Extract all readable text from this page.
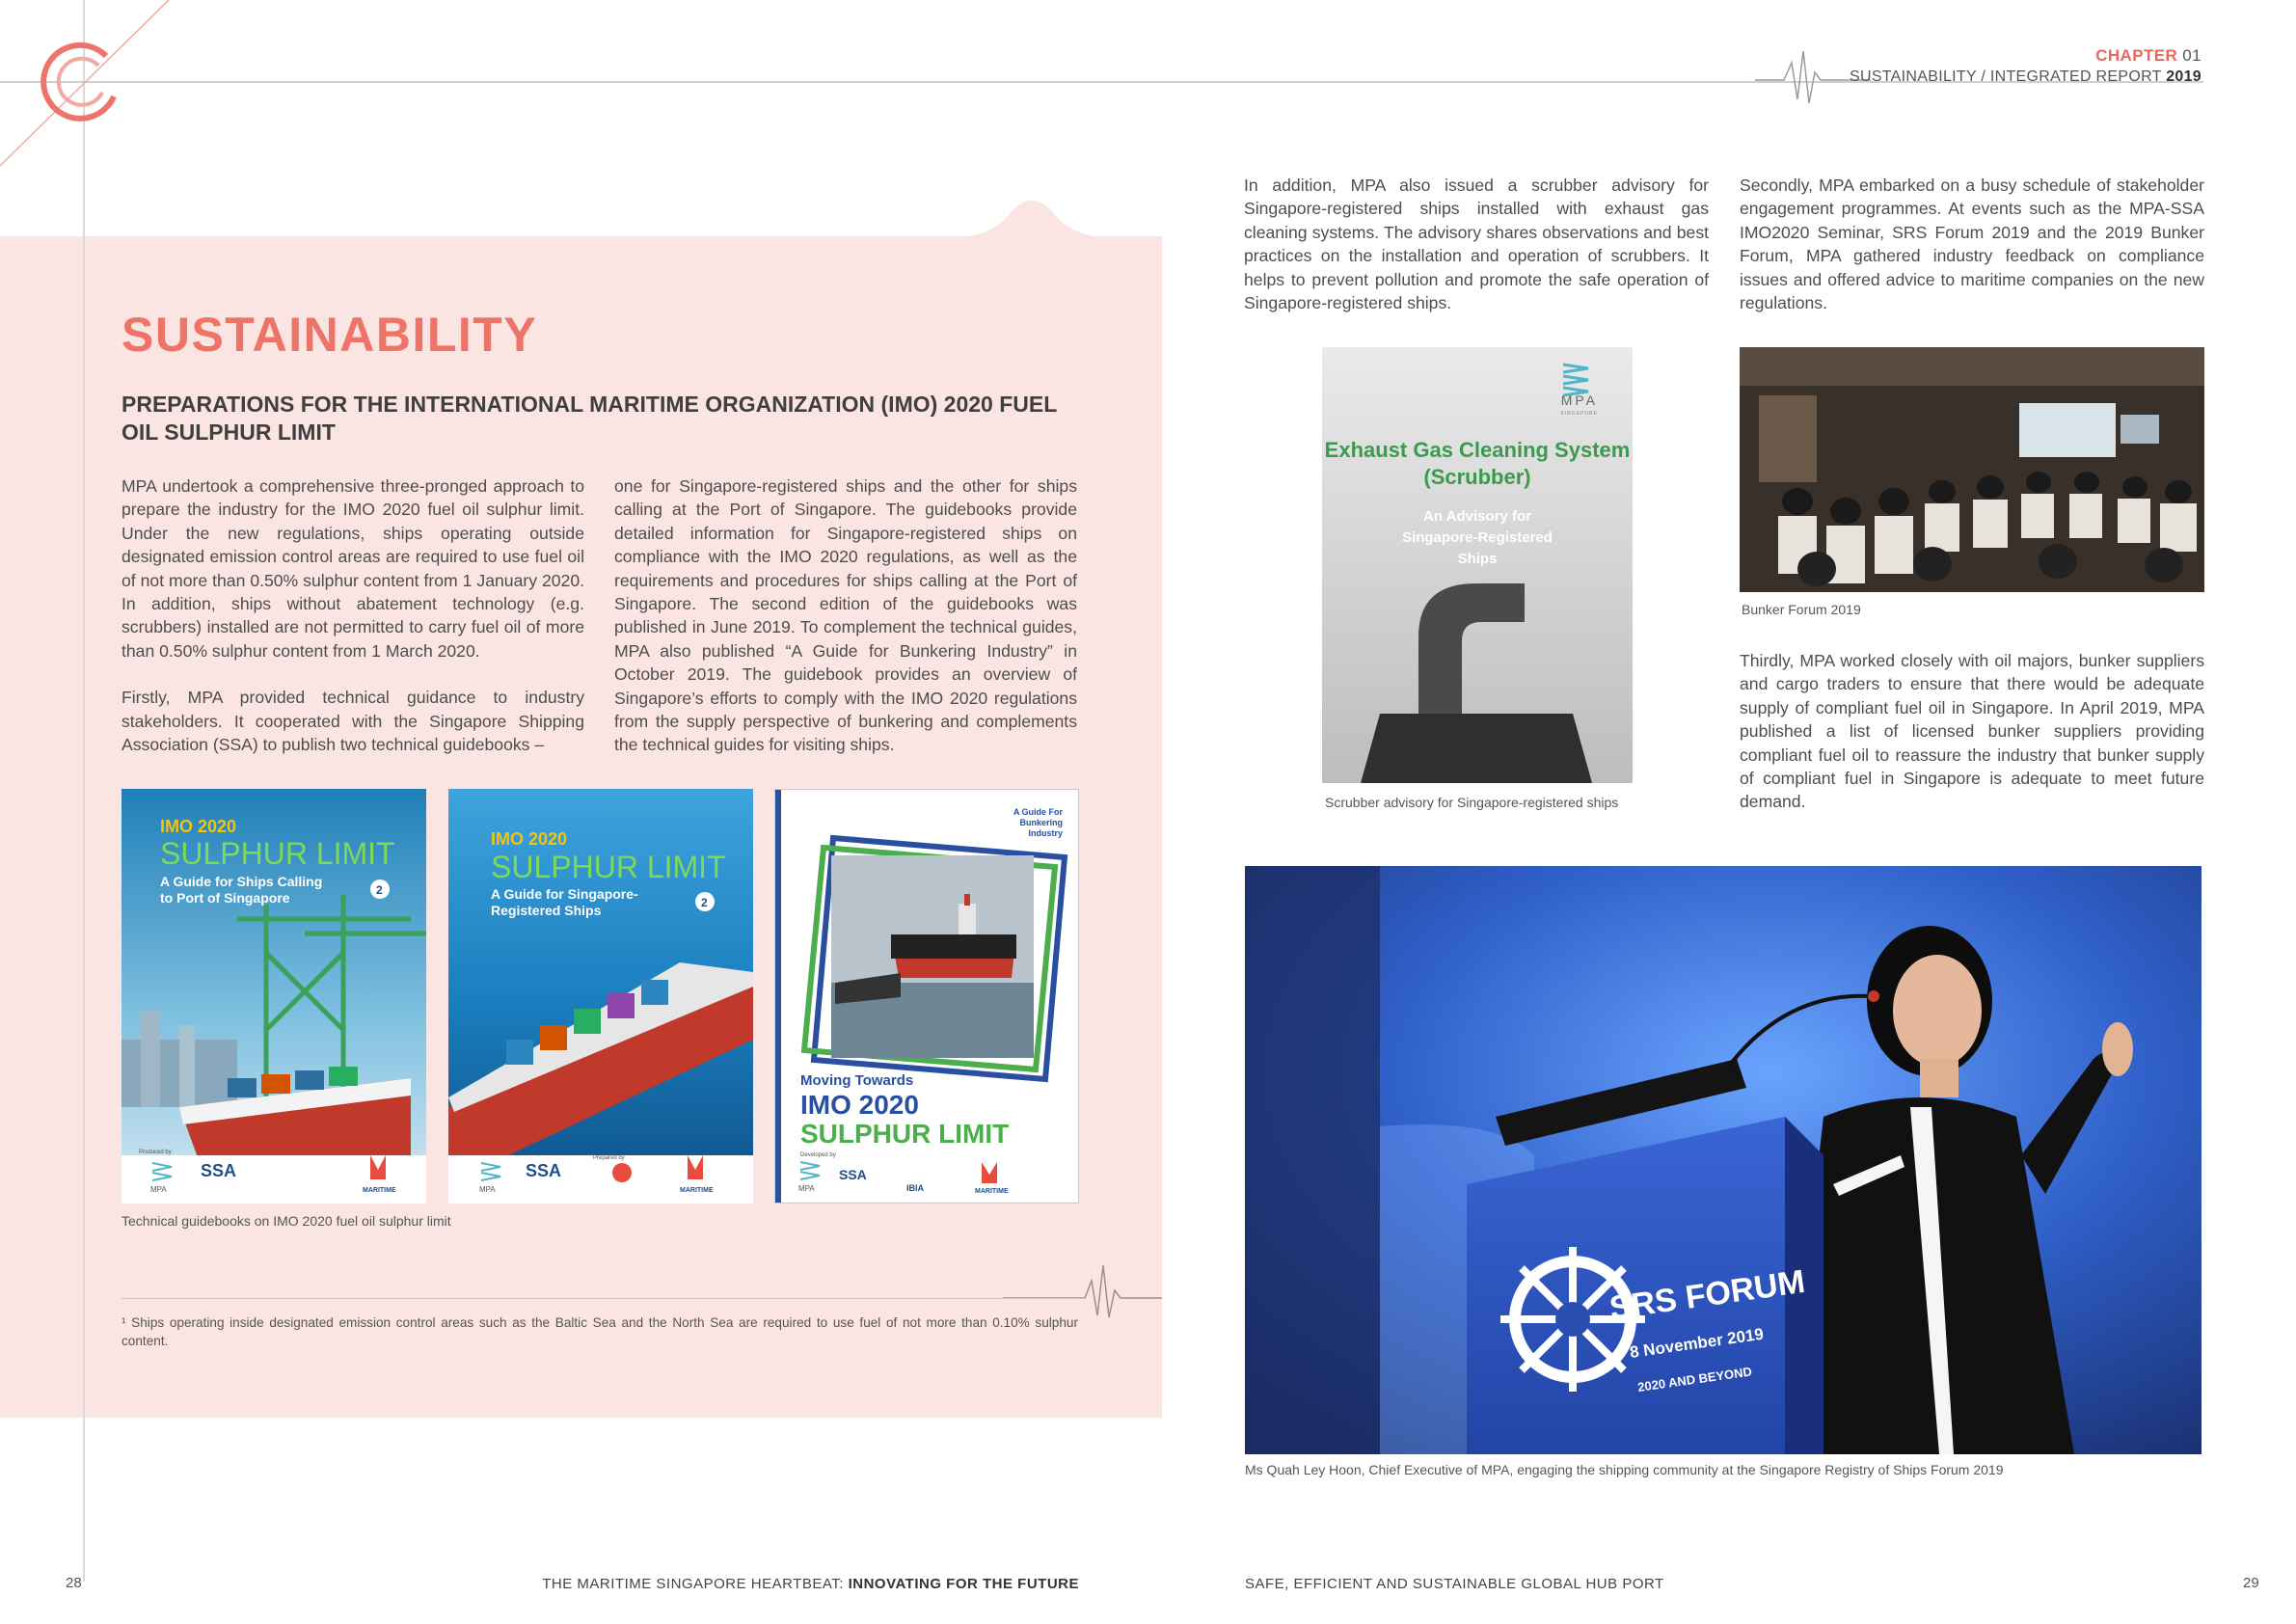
CHAPTER 01
SUSTAINABILITY / INTEGRATED REPORT 2019
SUSTAINABILITY
PREPARATIONS FOR THE INTERNATIONAL MARITIME ORGANIZATION (IMO) 2020 FUEL OIL SULPHUR LIMIT

MPA undertook a comprehensive three-pronged approach to prepare the industry for the IMO 2020 fuel oil sulphur limit. Under the new regulations, ships operating outside designated emission control areas are required to use fuel oil of not more than 0.50% sulphur content from 1 January 2020. In addition, ships without abatement technology (e.g. scrubbers) installed are not permitted to carry fuel oil of more than 0.50% sulphur content from 1 March 2020.

Firstly, MPA provided technical guidance to industry stakeholders. It cooperated with the Singapore Shipping Association (SSA) to publish two technical guidebooks –

one for Singapore-registered ships and the other for ships calling at the Port of Singapore. The guidebooks provide detailed information for Singapore-registered ships on compliance with the IMO 2020 regulations, as well as the requirements and procedures for ships calling at the Port of Singapore. The second edition of the guidebooks was published in June 2019. To complement the technical guides, MPA also published “A Guide for Bunkering Industry” in October 2019. The guidebook provides an overview of Singapore’s efforts to comply with the IMO 2020 regulations from the supply perspective of bunkering and complements the technical guides for visiting ships.

IMO 2020
SULPHUR LIMIT
A Guide for Ships Calling
to Port of Singapore	2
Produced by
MPA
SSA
MARITIME
IMO 2020
SULPHUR LIMIT
A Guide for Singapore-
Registered Ships	2
Prepared by
MPA
SSA
MARITIME
A Guide For
Bunkering
Industry
Moving Towards
IMO 2020
SULPHUR LIMIT
Developed by
MPA
SSA
IBIA	MARITIME
Technical guidebooks on IMO 2020 fuel oil sulphur limit
¹ Ships operating inside designated emission control areas such as the Baltic Sea and the North Sea are required to use fuel of not more than 0.10% sulphur content.

In addition, MPA also issued a scrubber advisory for Singapore-registered ships installed with exhaust gas cleaning systems. The advisory shares observations and best practices on the installation and operation of scrubbers. It helps to prevent pollution and promote the safe operation of Singapore-registered ships.

Secondly, MPA embarked on a busy schedule of stakeholder engagement programmes. At events such as the MPA-SSA IMO2020 Seminar, SRS Forum 2019 and the 2019 Bunker Forum, MPA gathered industry feedback on compliance issues and offered advice to maritime companies on the new regulations.

Thirdly, MPA worked closely with oil majors, bunker suppliers and cargo traders to ensure that there would be adequate supply of compliant fuel oil in Singapore. In April 2019, MPA published a list of licensed bunker suppliers providing compliant fuel oil to reassure the industry that bunker supply of compliant fuel in Singapore is adequate to meet future demand.

MPA
SINGAPORE
Exhaust Gas Cleaning System
(Scrubber)
An Advisory for
Singapore-Registered
Ships
Scrubber advisory for Singapore-registered ships
Bunker Forum 2019
SRS FORUM
8 November 2019
2020 AND BEYOND
Ms Quah Ley Hoon, Chief Executive of MPA, engaging the shipping community at the Singapore Registry of Ships Forum 2019
28	THE MARITIME SINGAPORE HEARTBEAT: INNOVATING FOR THE FUTURE	SAFE, EFFICIENT AND SUSTAINABLE GLOBAL HUB PORT	29
